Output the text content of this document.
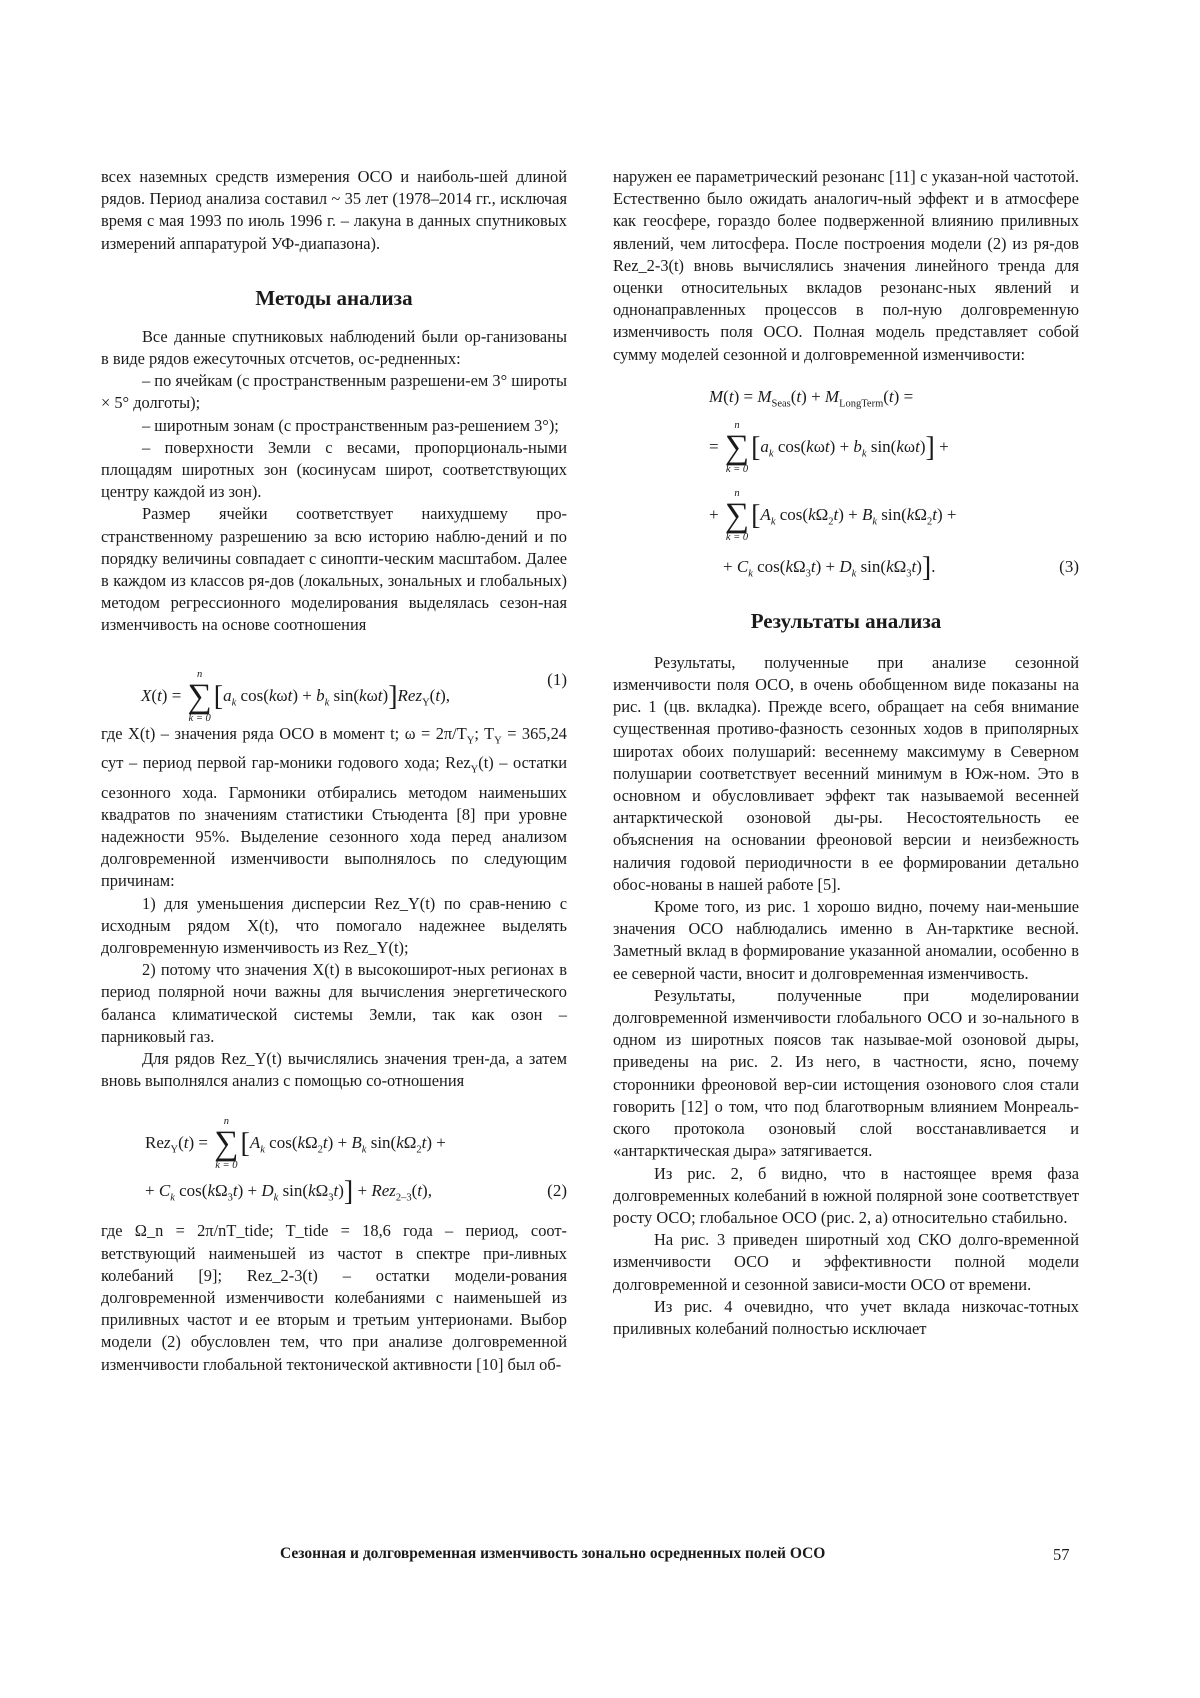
всех наземных средств измерения ОСО и наиболь-шей длиной рядов. Период анализа составил ~ 35 лет (1978–2014 гг., исключая время с мая 1993 по июль 1996 г. – лакуна в данных спутниковых измерений аппаратурой УФ-диапазона).

Методы анализа

Все данные спутниковых наблюдений были ор-ганизованы в виде рядов ежесуточных отсчетов, ос-редненных:

– по ячейкам (с пространственным разрешени-ем 3° широты × 5° долготы);

– широтным зонам (с пространственным раз-решением 3°);

– поверхности Земли с весами, пропорциональ-ными площадям широтных зон (косинусам широт, соответствующих центру каждой из зон).

Размер ячейки соответствует наихудшему про-странственному разрешению за всю историю наблю-дений и по порядку величины совпадает с синопти-ческим масштабом. Далее в каждом из классов ря-дов (локальных, зональных и глобальных) методом регрессионного моделирования выделялась сезон-ная изменчивость на основе соотношения

X(t) =
n
∑
k = 0
[$a_k$ $\cos(k\omega t) + b_k$ sin(kωt)]Rez$_Y$(t),
(1)

где X(t) – значения ряда ОСО в момент t; $\omega = 2\pi/T_Y$; $T_Y = 365,24$ сут – период первой гар-моники годового хода; Rez$_Y$(t) – остатки сезонного хода. Гармоники отбирались методом наименьших квадратов по значениям статистики Стьюдента [8] при уровне надежности 95%. Выделение сезонного хода перед анализом долговременной изменчивости выполнялось по следующим причинам:

1) для уменьшения дисперсии Rez_Y(t) по срав-нению с исходным рядом X(t), что помогало надежнее выделять долговременную изменчивость из Rez_Y(t);

2) потому что значения X(t) в высокоширот-ных регионах в период полярной ночи важны для вычисления энергетического баланса климатической системы Земли, так как озон – парниковый газ.

Для рядов Rez_Y(t) вычислялись значения трен-да, а затем вновь выполнялся анализ с помощью со-отношения

Rez$_Y$(t) =
n
∑
k = 0
[$A_k$ $\cos(k\Omega_2t) + B_k$ $\sin(k\Omega_2t)$ +
+ $C_k$ $\cos(k\Omega_3t) + D_k$ $\sin(k\Omega_3t)] + Rez_{2-3}(t)$,	(2)

где Ω_n = 2π/nT_tide; T_tide = 18,6 года – период, соот-ветствующий наименьшей из частот в спектре при-ливных колебаний [9]; Rez_2-3(t) – остатки модели-рования долговременной изменчивости колебаниями с наименьшей из приливных частот и ее вторым и третьим унтерионами. Выбор модели (2) обусловлен тем, что при анализе долговременной изменчивости глобальной тектонической активности [10] был об-

наружен ее параметрический резонанс [11] с указан-ной частотой. Естественно было ожидать аналогич-ный эффект и в атмосфере как геосфере, гораздо более подверженной влиянию приливных явлений, чем литосфера. После построения модели (2) из ря-дов Rez_2-3(t) вновь вычислялись значения линейного тренда для оценки относительных вкладов резонанс-ных явлений и однонаправленных процессов в пол-ную долговременную изменчивость поля ОСО. Полная модель представляет собой сумму моделей сезонной и долговременной изменчивости:

$M(t) = M_{Seas}(t) + M_{LongTerm}(t)$ =
=
n
∑
k = 0
[$a_k$ $\cos(k\omega t) + b_k$ sin(kωt)] +
+
n
∑
k = 0
[$A_k$ $\cos(k\Omega_2t) + B_k$ $\sin(k\Omega_2t)$ +
+ $C_k$ $\cos(k\Omega_3t) + D_k$ $\sin(k\Omega_3t)$].	(3)
Результаты анализа

Результаты, полученные при анализе сезонной изменчивости поля ОСО, в очень обобщенном виде показаны на рис. 1 (цв. вкладка). Прежде всего, обращает на себя внимание существенная противо-фазность сезонных ходов в приполярных широтах обоих полушарий: весеннему максимуму в Северном полушарии соответствует весенний минимум в Юж-ном. Это в основном и обусловливает эффект так называемой весенней антарктической озоновой ды-ры. Несостоятельность ее объяснения на основании фреоновой версии и неизбежность наличия годовой периодичности в ее формировании детально обос-нованы в нашей работе [5].

Кроме того, из рис. 1 хорошо видно, почему наи-меньшие значения ОСО наблюдались именно в Ан-тарктике весной. Заметный вклад в формирование указанной аномалии, особенно в ее северной части, вносит и долговременная изменчивость.

Результаты, полученные при моделировании долговременной изменчивости глобального ОСО и зо-нального в одном из широтных поясов так называе-мой озоновой дыры, приведены на рис. 2. Из него, в частности, ясно, почему сторонники фреоновой вер-сии истощения озонового слоя стали говорить [12] о том, что под благотворным влиянием Монреаль-ского протокола озоновый слой восстанавливается и «антарктическая дыра» затягивается.

Из рис. 2, б видно, что в настоящее время фаза долговременных колебаний в южной полярной зоне соответствует росту ОСО; глобальное ОСО (рис. 2, а) относительно стабильно.

На рис. 3 приведен широтный ход СКО долго-временной изменчивости ОСО и эффективности полной модели долговременной и сезонной зависи-мости ОСО от времени.

Из рис. 4 очевидно, что учет вклада низкочас-тотных приливных колебаний полностью исключает

Сезонная и долговременная изменчивость зонально осредненных полей ОСО	57
